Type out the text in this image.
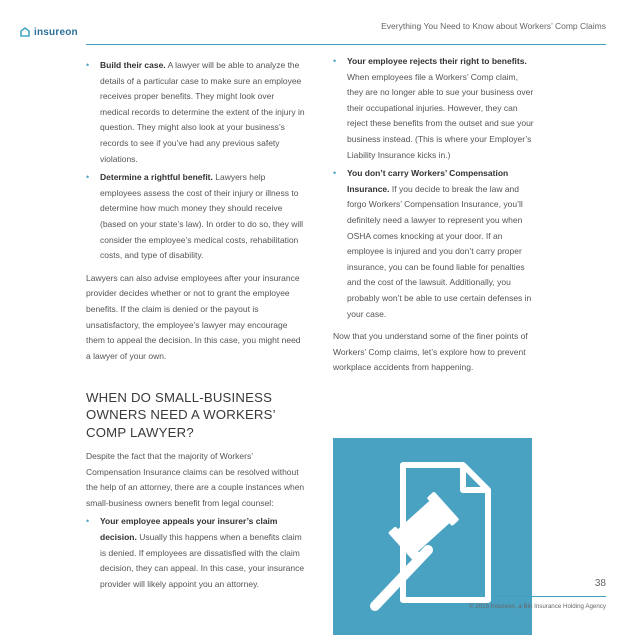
insureon
Everything You Need to Know about Workers’ Comp Claims
• Build their case. A lawyer will be able to analyze the details of a particular case to make sure an employee receives proper benefits. They might look over medical records to determine the extent of the injury in question. They might also look at your business’s records to see if you’ve had any previous safety violations.
• Determine a rightful benefit. Lawyers help employees assess the cost of their injury or illness to determine how much money they should receive (based on your state’s law). In order to do so, they will consider the employee’s medical costs, rehabilitation costs, and type of disability.

Lawyers can also advise employees after your insurance provider decides whether or not to grant the employee benefits. If the claim is denied or the payout is unsatisfactory, the employee’s lawyer may encourage them to appeal the decision. In this case, you might need a lawyer of your own.

WHEN DO SMALL-BUSINESS OWNERS NEED A WORKERS’ COMP LAWYER?

Despite the fact that the majority of Workers’ Compensation Insurance claims can be resolved without the help of an attorney, there are a couple instances when small-business owners benefit from legal counsel:

• Your employee appeals your insurer’s claim decision. Usually this happens when a benefits claim is denied. If employees are dissatisfied with the claim decision, they can appeal. In this case, your insurance provider will likely appoint you an attorney.
• Your employee rejects their right to benefits. When employees file a Workers’ Comp claim, they are no longer able to sue your business over their occupational injuries. However, they can reject these benefits from the outset and sue your business instead. (This is where your Employer’s Liability Insurance kicks in.)
• You don’t carry Workers’ Compensation Insurance. If you decide to break the law and forgo Workers’ Compensation Insurance, you’ll definitely need a lawyer to represent you when OSHA comes knocking at your door. If an employee is injured and you don’t carry proper insurance, you can be found liable for penalties and the cost of the lawsuit. Additionally, you probably won’t be able to use certain defenses in your case.

Now that you understand some of the finer points of Workers’ Comp claims, let’s explore how to prevent workplace accidents from happening.

38
© 2015 Insureon, a Bin Insurance Holding Agency
